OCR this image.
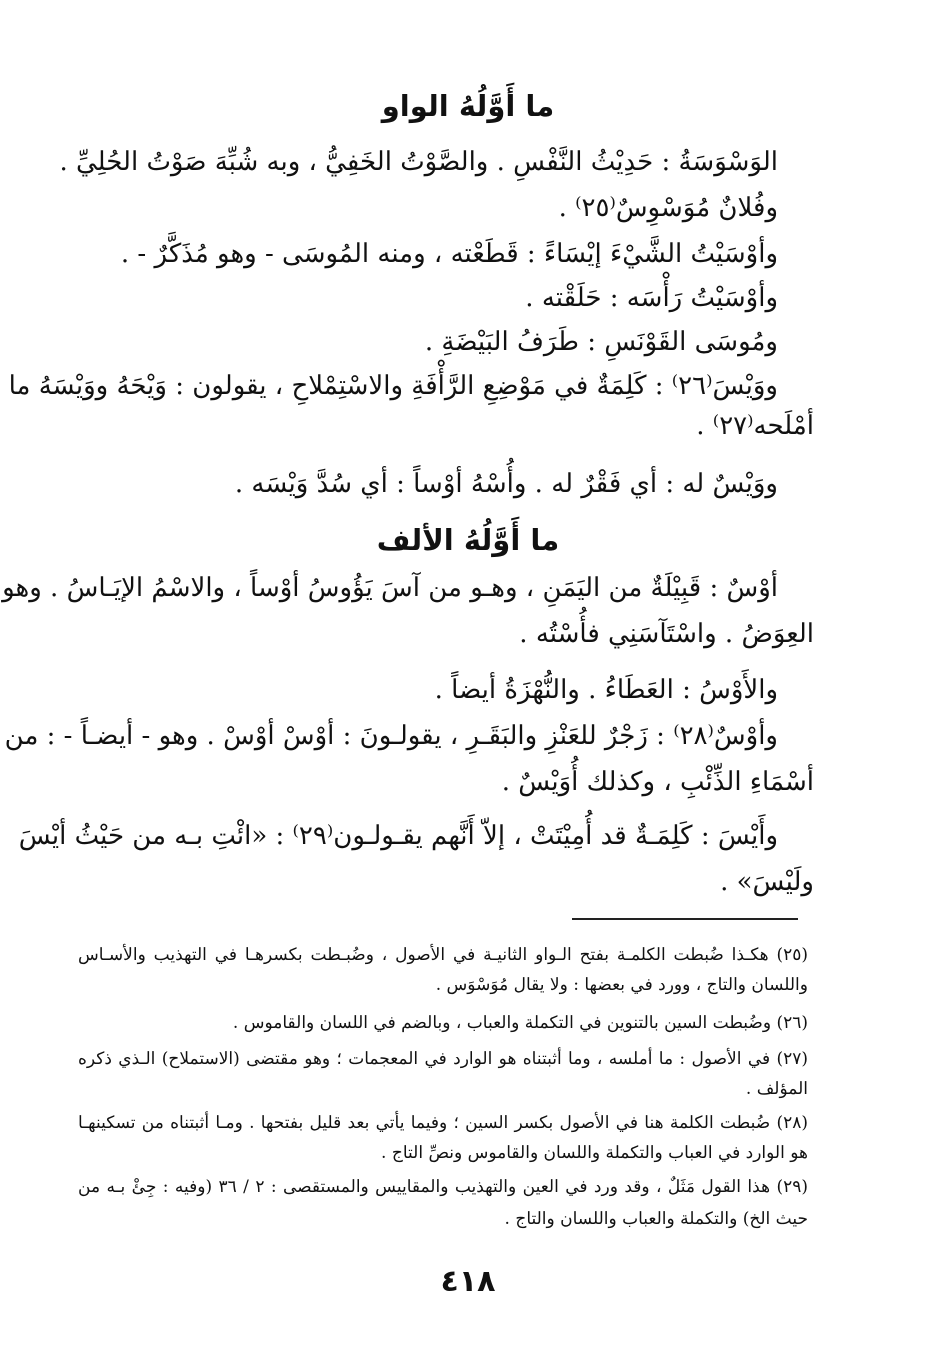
ما أَوَّلُهُ الواو
الوَسْوَسَةُ : حَدِيْثُ النَّفْسِ . والصَّوْتُ الخَفِيُّ ، وبه شُبِّهَ صَوْتُ الحُلِيِّ .
وفُلانٌ مُوَسْوِسٌ⁽٢٥⁾ .
وأوْسَيْتُ الشَّيْءَ إيْسَاءً : قَطَعْته ، ومنه المُوسَى - وهو مُذَكَّرٌ - .
وأوْسَيْتُ رَأْسَه : حَلَقْته .
ومُوسَى القَوْنَسِ : طَرَفُ البَيْضَةِ .
ووَيْسَ⁽٢٦⁾ : كَلِمَةٌ في مَوْضِعِ الرَّأْفَةِ والاسْتِمْلاحِ ، يقولون : وَيْحَهُ ووَيْسَهُ ما
أمْلَحه⁽٢٧⁾ .
ووَيْسٌ له : أي فَقْرٌ له . وأُسْهُ أوْساً : أي سُدَّ وَيْسَه .
ما أَوَّلُهُ الألف
أوْسٌ : قَبِيْلَةٌ من اليَمَنِ ، وهـو من آسَ يَؤُوسُ أوْساً ، والاسْمُ الإيَـاسُ . وهو
العِوَضُ . واسْتَآسَنِي فأُسْتُه .
والأَوْسُ : العَطَاءُ . والنُّهْزَةُ أيضاً .
وأوْسٌ⁽٢٨⁾ : زَجْرٌ للعَنْزِ والبَقَـرِ ، يقولـونَ : أوْسْ أوْسْ . وهو - أيضـاً - : من
أسْمَاءِ الذِّئْبِ ، وكذلك أُوَيْسٌ .
وأَيْسَ : كَلِمَـةٌ قد أُمِيْتَتْ ، إلاّ أَنَّهم يقـولـون⁽٢٩⁾ : «ائْتِ بـه من حَيْثُ أيْسَ
ولَيْسَ» .
(٢٥) هكـذا ضُبطت الكلمـة بفتح الـواو الثانيـة في الأصول ، وضُبـطت بكسرهـا في التهذيب والأسـاس
واللسان والتاج ، وورد في بعضها : ولا يقال مُوَسْوَس .
(٢٦) وضُبطت السين بالتنوين في التكملة والعباب ، وبالضم في اللسان والقاموس .
(٢٧) في الأصول : ما أملسه ، وما أثبتناه هو الوارد في المعجمات ؛ وهو مقتضى (الاستملاح) الـذي ذكره
المؤلف .
(٢٨) ضُبطت الكلمة هنا في الأصول بكسر السين ؛ وفيما يأتي بعد قليل بفتحها . ومـا أثبتناه من تسكينهـا
هو الوارد في العباب والتكملة واللسان والقاموس ونصِّ التاج .
(٢٩) هذا القول مَثَلٌ ، وقد ورد في العين والتهذيب والمقاييس والمستقصى : ٢ / ٣٦ (وفيه : جِئْ بـه من
حيث الخ) والتكملة والعباب واللسان والتاج .
٤١٨
